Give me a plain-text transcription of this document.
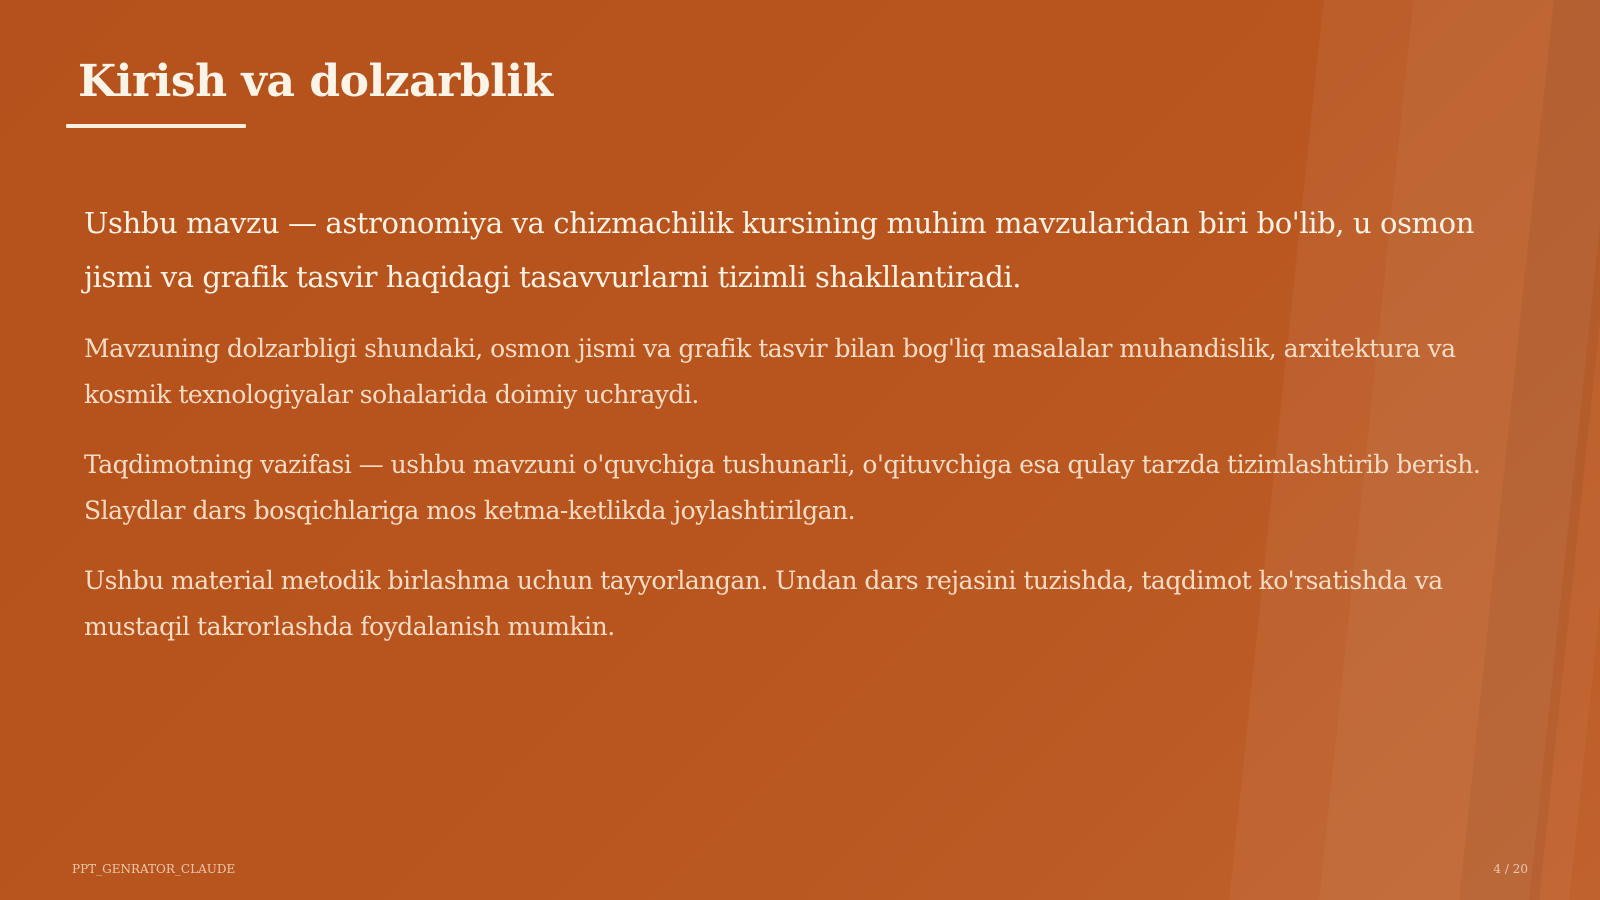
Kirish va dolzarblik

Ushbu mavzu — astronomiya va chizmachilik kursining muhim mavzularidan biri bo'lib, u osmon jismi va grafik tasvir haqidagi tasavvurlarni tizimli shakllantiradi.

Mavzuning dolzarbligi shundaki, osmon jismi va grafik tasvir bilan bog'liq masalalar muhandislik, arxitektura va kosmik texnologiyalar sohalarida doimiy uchraydi.

Taqdimotning vazifasi — ushbu mavzuni o'quvchiga tushunarli, o'qituvchiga esa qulay tarzda tizimlashtirib berish. Slaydlar dars bosqichlariga mos ketma-ketlikda joylashtirilgan.

Ushbu material metodik birlashma uchun tayyorlangan. Undan dars rejasini tuzishda, taqdimot ko'rsatishda va mustaqil takrorlashda foydalanish mumkin.

PPT_GENRATOR_CLAUDE	4 / 20
